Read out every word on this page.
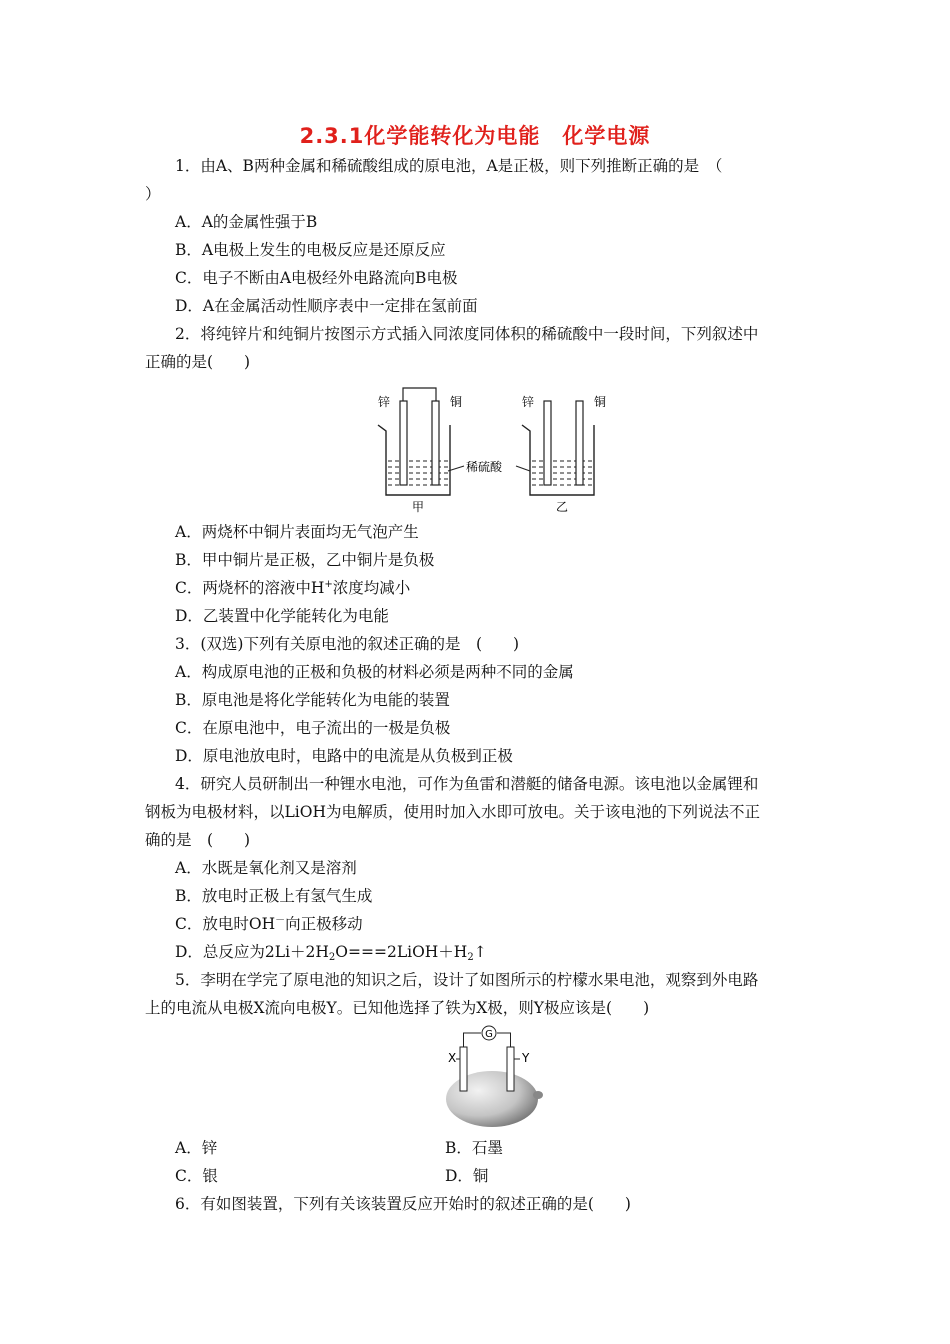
2.3.1化学能转化为电能　化学电源
1．由A、B两种金属和稀硫酸组成的原电池，A是正极，则下列推断正确的是　（
）
A．A的金属性强于B
B．A电极上发生的电极反应是还原反应
C．电子不断由A电极经外电路流向B电极
D．A在金属活动性顺序表中一定排在氢前面
2．将纯锌片和纯铜片按图示方式插入同浓度同体积的稀硫酸中一段时间，下列叙述中
正确的是(　　)
锌	铜
甲
稀硫酸
锌	铜
乙
A．两烧杯中铜片表面均无气泡产生
B．甲中铜片是正极，乙中铜片是负极
C．两烧杯的溶液中H+浓度均减小
D．乙装置中化学能转化为电能
3．(双选)下列有关原电池的叙述正确的是　(　　)
A．构成原电池的正极和负极的材料必须是两种不同的金属
B．原电池是将化学能转化为电能的装置
C．在原电池中，电子流出的一极是负极
D．原电池放电时，电路中的电流是从负极到正极
4．研究人员研制出一种锂水电池，可作为鱼雷和潜艇的储备电源。该电池以金属锂和
钢板为电极材料，以LiOH为电解质，使用时加入水即可放电。关于该电池的下列说法不正
确的是　(　　)
A．水既是氧化剂又是溶剂
B．放电时正极上有氢气生成
C．放电时OH－向正极移动
D．总反应为$2Li+2H_2O===2LiOH+H_2↑$
5．李明在学完了原电池的知识之后，设计了如图所示的柠檬水果电池，观察到外电路
上的电流从电极X流向电极Y。已知他选择了铁为X极，则Y极应该是(　　)
G
X	Y
A．锌	B．石墨
C．银	D．铜
6．有如图装置，下列有关该装置反应开始时的叙述正确的是(　　)
